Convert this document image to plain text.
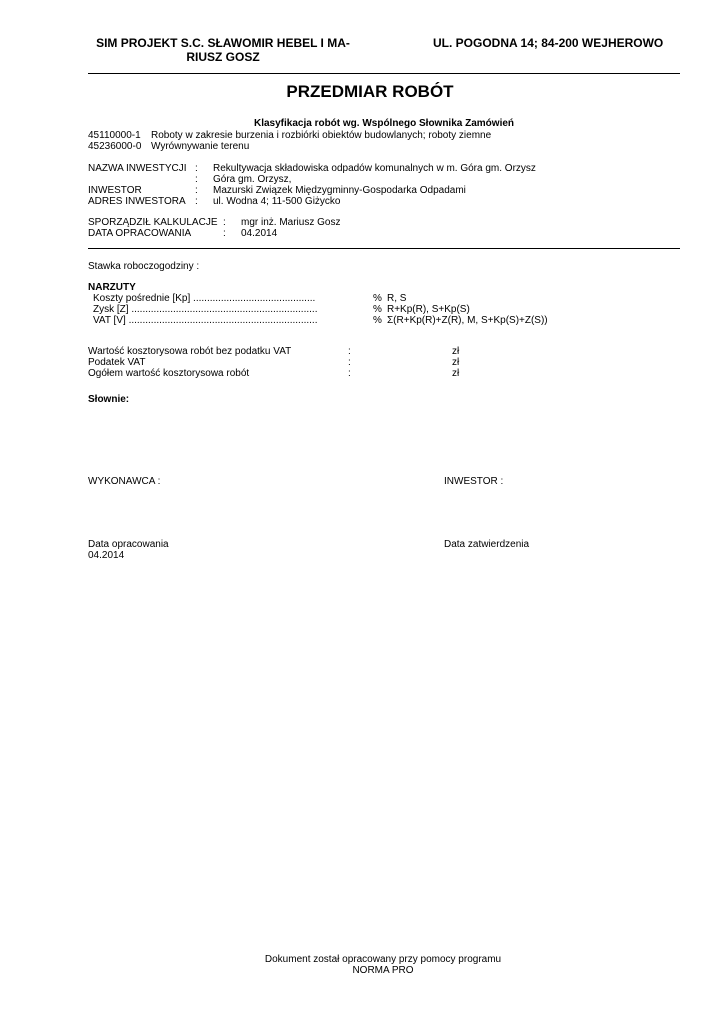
SIM PROJEKT S.C. SŁAWOMIR HEBEL I MA-
RIUSZ GOSZ
UL. POGODNA 14; 84-200 WEJHEROWO
PRZEDMIAR ROBÓT
Klasyfikacja robót wg. Wspólnego Słownika Zamówień
45110000-1 Roboty w zakresie burzenia i rozbiórki obiektów budowlanych; roboty ziemne
45236000-0 Wyrównywanie terenu
NAZWA INWESTYCJI : Rekultywacja składowiska odpadów komunalnych w m. Góra gm. Orzysz
: Góra gm. Orzysz,
INWESTOR	: Mazurski Związek Międzygminny-Gospodarka Odpadami
ADRES INWESTORA : ul. Wodna 4; 11-500 Giżycko
SPORZĄDZIŁ KALKULACJE : mgr inż. Mariusz Gosz
DATA OPRACOWANIA	: 04.2014
Stawka roboczogodziny :
NARZUTY
Koszty pośrednie [Kp] ............................................	% R, S
Zysk [Z] ...................................................................	% R+Kp(R), S+Kp(S)
VAT [V] ....................................................................	% Σ(R+Kp(R)+Z(R), M, S+Kp(S)+Z(S))
Wartość kosztorysowa robót bez podatku VAT	:	zł
Podatek VAT	:	zł
Ogółem wartość kosztorysowa robót	:	zł
Słownie:
WYKONAWCA :	INWESTOR :
Data opracowania
04.2014
Data zatwierdzenia
Dokument został opracowany przy pomocy programu
NORMA PRO
